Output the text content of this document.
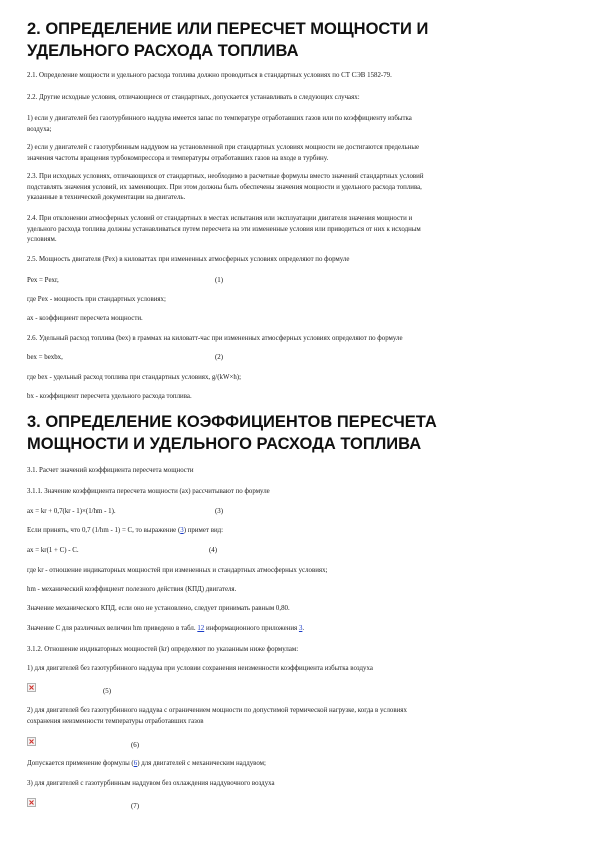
2. ОПРЕДЕЛЕНИЕ ИЛИ ПЕРЕСЧЕТ МОЩНОСТИ И
УДЕЛЬНОГО РАСХОДА ТОПЛИВА

2.1. Определение мощности и удельного расхода топлива должно проводиться в стандартных условиях по СТ СЭВ 1582-79.

2.2. Другие исходные условия, отличающиеся от стандартных, допускается устанавливать в следующих случаях:

1) если у двигателей без газотурбинного наддува имеется запас по температуре отработавших газов или по коэффициенту избытка
воздуха;

2) если у двигателей с газотурбинным наддувом на установленной при стандартных условиях мощности не достигаются предельные
значения частоты вращения турбокомпрессора и температуры отработавших газов на входе в турбину.

2.3. При исходных условиях, отличающихся от стандартных, необходимо в расчетные формулы вместо значений стандартных условий
подставлять значения условий, их заменяющих. При этом должны быть обеспечены значения мощности и удельного расхода топлива,
указанные в технической документации на двигатель.

2.4. При отклонении атмосферных условий от стандартных в местах испытания или эксплуатации двигателя значения мощности и
удельного расхода топлива должны устанавливаться путем пересчета на эти измененные условия или приводиться от них к исходным
условиям.

2.5. Мощность двигателя (Pex) в киловаттах при измененных атмосферных условиях определяют по формуле

Pex = Pexr,	(1)

где Pex - мощность при стандартных условиях;

ax - коэффициент пересчета мощности.

2.6. Удельный расход топлива (bex) в граммах на киловатт-час при измененных атмосферных условиях определяют по формуле

bex = bexbx,	(2)

где bex - удельный расход топлива при стандартных условиях, g/(kW×h);

bx - коэффициент пересчета удельного расхода топлива.

3. ОПРЕДЕЛЕНИЕ КОЭФФИЦИЕНТОВ ПЕРЕСЧЕТА
МОЩНОСТИ И УДЕЛЬНОГО РАСХОДА ТОПЛИВА

3.1. Расчет значений коэффициента пересчета мощности

3.1.1. Значение коэффициента пересчета мощности (ax) рассчитывают по формуле

ax = kr + 0,7(kr - 1)×(1/hm - 1).	(3)

Если принять, что 0,7 (1/hm - 1) = С, то выражение (3) примет вид:

ax = kr(1 + C) - C.	(4)

где kr - отношение индикаторных мощностей при измененных и стандартных атмосферных условиях;

hm - механический коэффициент полезного действия (КПД) двигателя.

Значение механического КПД, если оно не установлено, следует принимать равным 0,80.

Значение С для различных величин hm приведено в табл. 12 информационного приложения 3.

3.1.2. Отношение индикаторных мощностей (kr) определяют по указанным ниже формулам:

1) для двигателей без газотурбинного наддува при условии сохранения неизменности коэффициента избытка воздуха

(5)

2) для двигателей без газотурбинного наддува с ограничением мощности по допустимой термической нагрузке, когда в условиях
сохранения неизменности температуры отработавших газов

(6)

Допускается применение формулы (6) для двигателей с механическим наддувом;

3) для двигателей с газотурбинным наддувом без охлаждения наддувочного воздуха

(7)
